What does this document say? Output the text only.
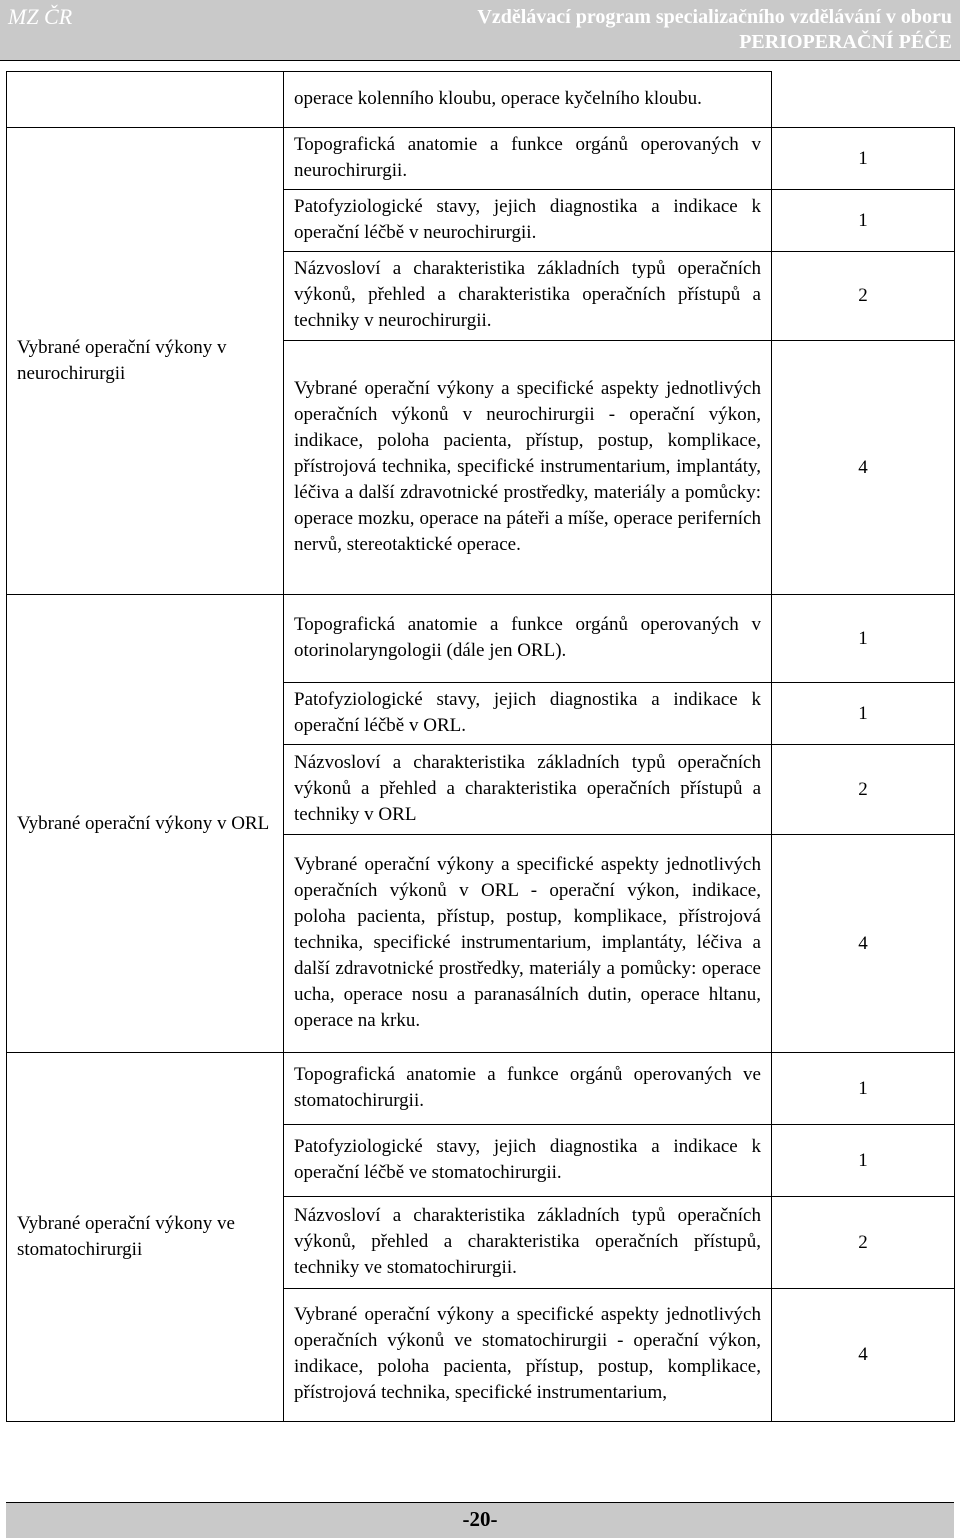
MZ ČR	Vzdělávací program specializačního vzdělávání v oboru
PERIOPERAČNÍ PÉČE
	operace kolenního kloubu, operace kyčelního kloubu.	
Vybrané operační výkony v neurochirurgii	Topografická anatomie a funkce orgánů operovaných v neurochirurgii.	1
	Patofyziologické stavy, jejich diagnostika a indikace k operační léčbě v neurochirurgii.	1
	Názvosloví a charakteristika základních typů operačních výkonů, přehled a charakteristika operačních přístupů a techniky v neurochirurgii.	2
	Vybrané operační výkony a specifické aspekty jednotlivých operačních výkonů v neurochirurgii - operační výkon, indikace, poloha pacienta, přístup, postup, komplikace, přístrojová technika, specifické instrumentarium, implantáty, léčiva a další zdravotnické prostředky, materiály a pomůcky: operace mozku, operace na páteři a míše, operace periferních nervů, stereotaktické operace.	4
Vybrané operační výkony v ORL	Topografická anatomie a funkce orgánů operovaných v otorinolaryngologii (dále jen ORL).	1
	Patofyziologické stavy, jejich diagnostika a indikace k operační léčbě v ORL.	1
	Názvosloví a charakteristika základních typů operačních výkonů a přehled a charakteristika operačních přístupů a techniky v ORL	2
	Vybrané operační výkony a specifické aspekty jednotlivých operačních výkonů v ORL - operační výkon, indikace, poloha pacienta, přístup, postup, komplikace, přístrojová technika, specifické instrumentarium, implantáty, léčiva a další zdravotnické prostředky, materiály a pomůcky: operace ucha, operace nosu a paranasálních dutin, operace hltanu, operace na krku.	4
Vybrané operační výkony ve stomatochirurgii	Topografická anatomie a funkce orgánů operovaných ve stomatochirurgii.	1
	Patofyziologické stavy, jejich diagnostika a indikace k operační léčbě ve stomatochirurgii.	1
	Názvosloví a charakteristika základních typů operačních výkonů, přehled a charakteristika operačních přístupů, techniky ve stomatochirurgii.	2
	Vybrané operační výkony a specifické aspekty jednotlivých operačních výkonů ve stomatochirurgii - operační výkon, indikace, poloha pacienta, přístup, postup, komplikace, přístrojová technika, specifické instrumentarium,	4
-20-
